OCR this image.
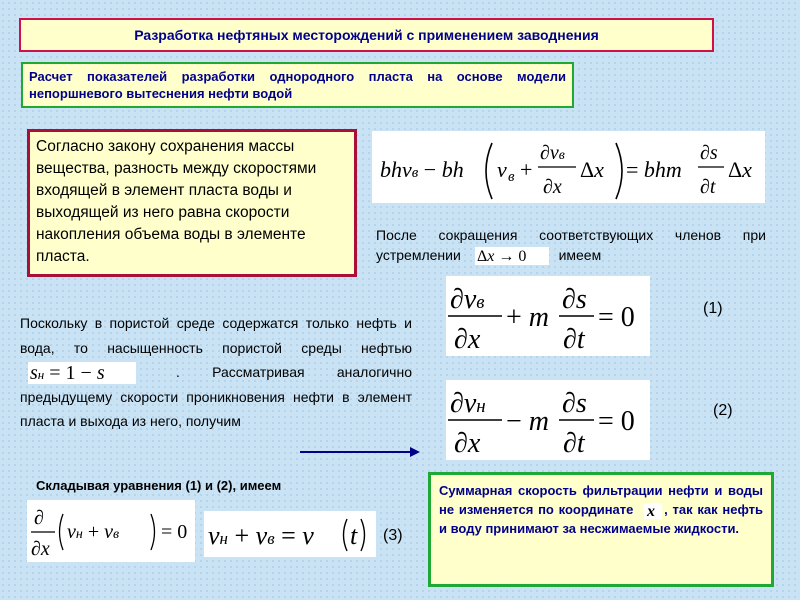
Разработка нефтяных месторождений с применением заводнения
Расчет показателей разработки однородного пласта на основе модели непоршневого вытеснения нефти водой
Согласно закону сохранения массы вещества, разность между скоростями входящей в элемент пласта воды и выходящей из него равна скорости накопления объема воды в элементе пласта.
bhvв − bh v в +
∂vв
∂x
Δx = bhm
∂s
∂t
Δx
После сокращения соответствующих членов при устремлении Δx → 0 имеем
∂vв
∂x
+ m
∂s
∂t
= 0	(1)
Поскольку в пористой среде содержатся только нефть и вода, то насыщенность пористой среды нефтью
sн = 1 − s	. Рассматривая аналогично предыдущему скорости проникновения нефти в элемент пласта и выхода из него, получим
∂vн
∂x
− m
∂s
∂t
= 0	(2)
Складывая уравнения (1) и (2), имеем
∂
∂x
vн + vв = 0 vн + vв = v t (3)
Суммарная скорость фильтрации нефти и воды не изменяется по координате x , так как нефть и воду принимают за несжимаемые жидкости.
